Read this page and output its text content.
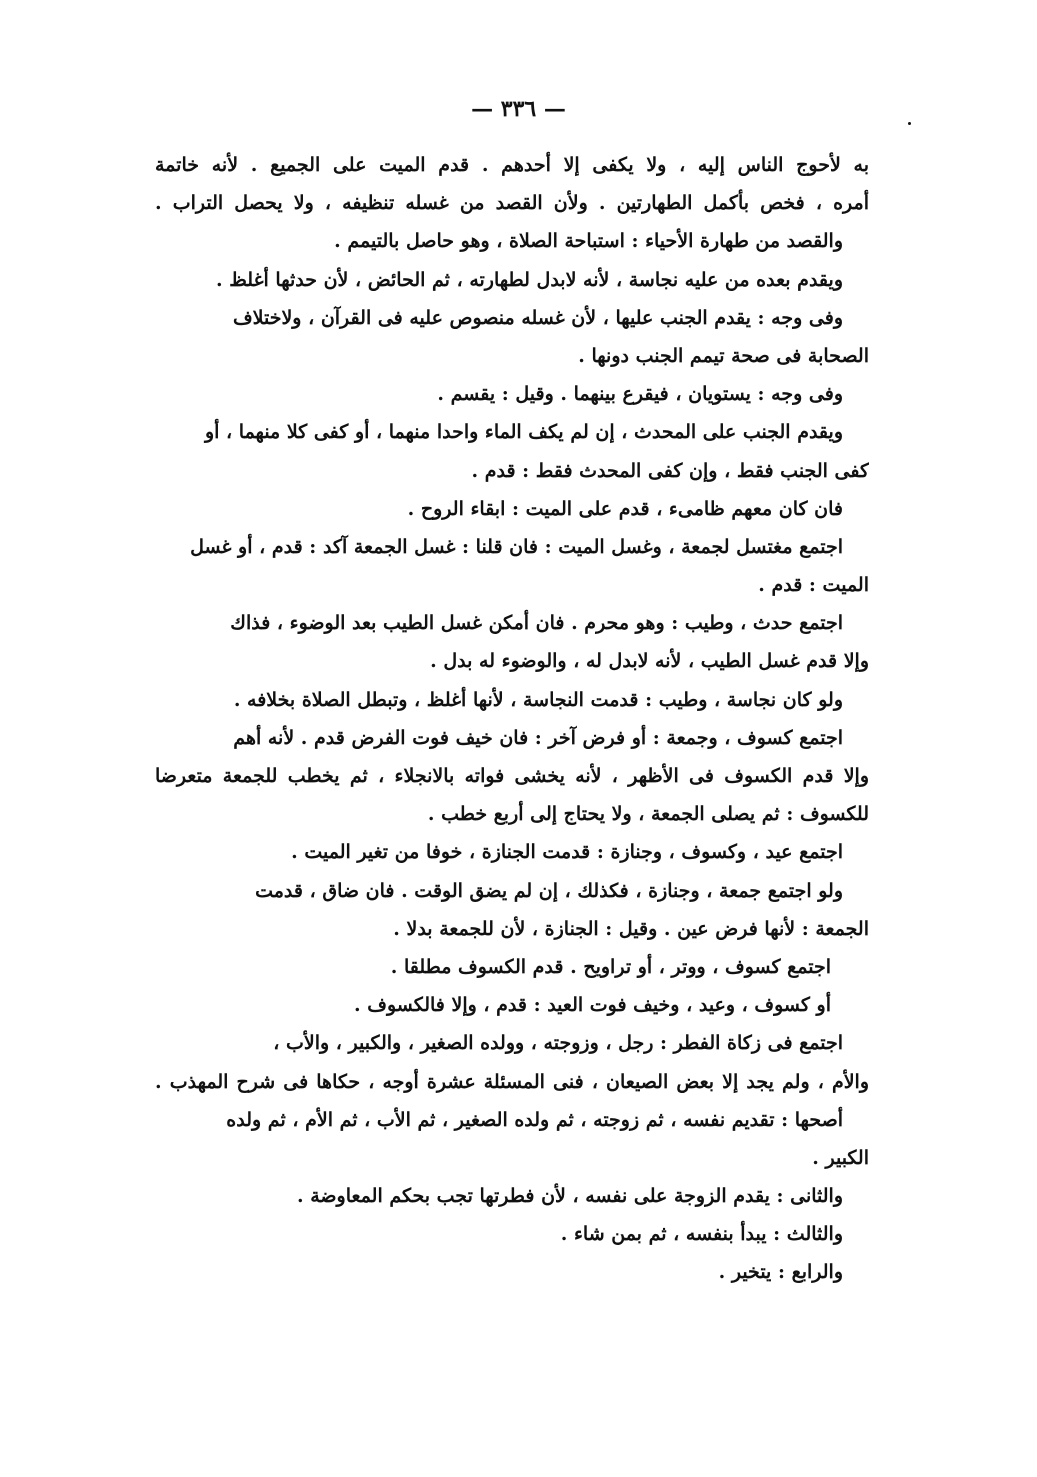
— ٣٣٦ —
به لأحوج الناس إليه ، ولا يكفى إلا أحدهم . قدم الميت على الجميع . لأنه خاتمة
أمره ، فخص بأكمل الطهارتين . ولأن القصد من غسله تنظيفه ، ولا يحصل التراب .
والقصد من طهارة الأحياء : استباحة الصلاة ، وهو حاصل بالتيمم .
ويقدم بعده من عليه نجاسة ، لأنه لابدل لطهارته ، ثم الحائض ، لأن حدثها أغلظ .
وفى وجه : يقدم الجنب عليها ، لأن غسله منصوص عليه فى القرآن ، ولاختلاف
الصحابة فى صحة تيمم الجنب دونها .
وفى وجه : يستويان ، فيقرع بينهما . وقيل : يقسم .
ويقدم الجنب على المحدث ، إن لم يكف الماء واحدا منهما ، أو كفى كلا منهما ، أو
كفى الجنب فقط ، وإن كفى المحدث فقط : قدم .
فان كان معهم ظامىء ، قدم على الميت : ابقاء الروح .
اجتمع مغتسل لجمعة ، وغسل الميت : فان قلنا : غسل الجمعة آكد : قدم ، أو غسل
الميت : قدم .
اجتمع حدث ، وطيب : وهو محرم . فان أمكن غسل الطيب بعد الوضوء ، فذاك
وإلا قدم غسل الطيب ، لأنه لابدل له ، والوضوء له بدل .
ولو كان نجاسة ، وطيب : قدمت النجاسة ، لأنها أغلظ ، وتبطل الصلاة بخلافه .
اجتمع كسوف ، وجمعة : أو فرض آخر : فان خيف فوت الفرض قدم . لأنه أهم
وإلا قدم الكسوف فى الأظهر ، لأنه يخشى فواته بالانجلاء ، ثم يخطب للجمعة متعرضا
للكسوف : ثم يصلى الجمعة ، ولا يحتاج إلى أربع خطب .
اجتمع عيد ، وكسوف ، وجنازة : قدمت الجنازة ، خوفا من تغير الميت .
ولو اجتمع جمعة ، وجنازة ، فكذلك ، إن لم يضق الوقت . فان ضاق ، قدمت
الجمعة : لأنها فرض عين . وقيل : الجنازة ، لأن للجمعة بدلا .
اجتمع كسوف ، ووتر ، أو تراويح . قدم الكسوف مطلقا .
أو كسوف ، وعيد ، وخيف فوت العيد : قدم ، وإلا فالكسوف .
اجتمع فى زكاة الفطر : رجل ، وزوجته ، وولده الصغير ، والكبير ، والأب ،
والأم ، ولم يجد إلا بعض الصيعان ، فنى المسئلة عشرة أوجه ، حكاها فى شرح المهذب .
أصحها : تقديم نفسه ، ثم زوجته ، ثم ولده الصغير ، ثم الأب ، ثم الأم ، ثم ولده
الكبير .
والثانى : يقدم الزوجة على نفسه ، لأن فطرتها تجب بحكم المعاوضة .
والثالث : يبدأ بنفسه ، ثم بمن شاء .
والرابع : يتخير .
